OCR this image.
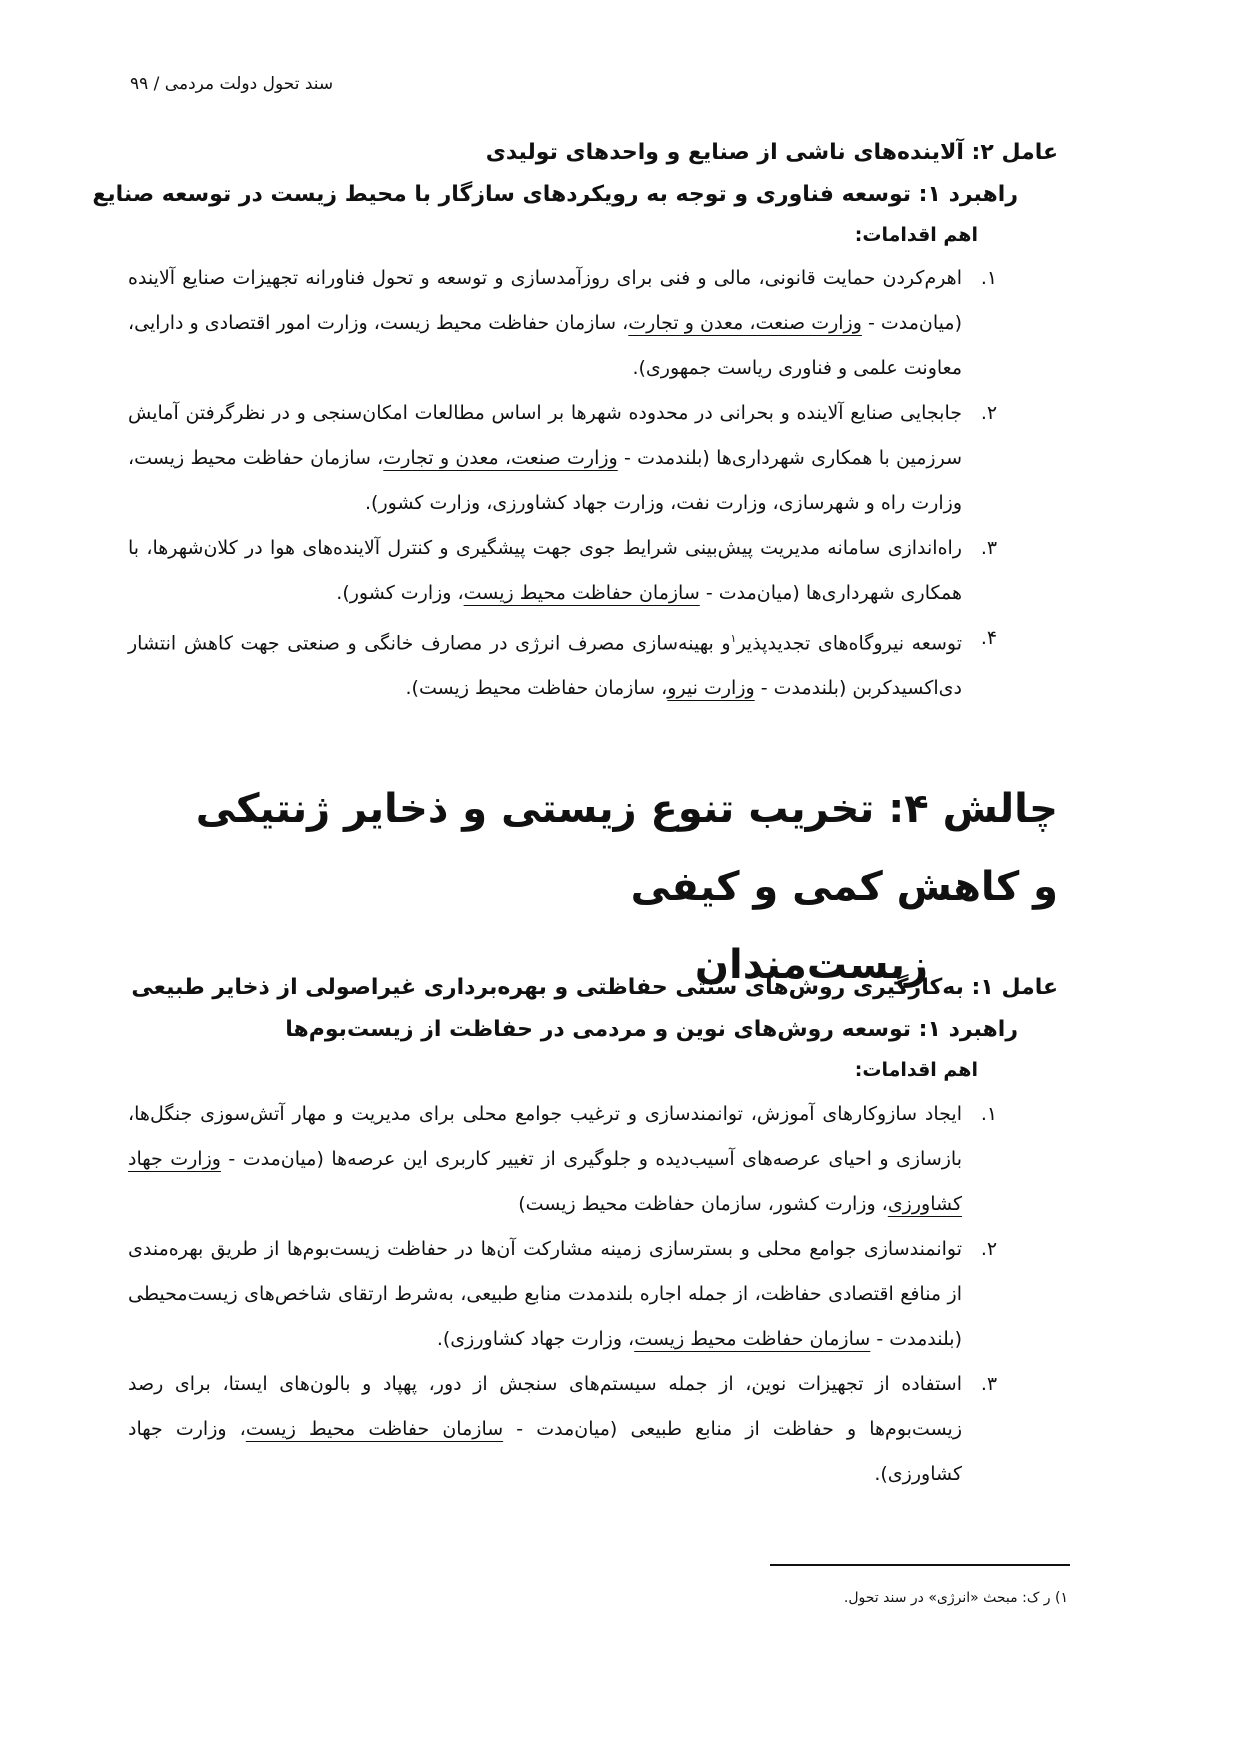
سند تحول دولت مردمی / ۹۹
عامل ۲: آلاینده‌های ناشی از صنایع و واحدهای تولیدی
راهبرد ۱: توسعه فناوری و توجه به رویکردهای سازگار با محیط زیست در توسعه صنایع
اهم اقدامات:
۱.
اهرم‌کردن حمایت قانونی، مالی و فنی برای روزآمدسازی و توسعه و تحول فناورانه تجهیزات صنایع آلاینده (میان‌مدت - وزارت صنعت، معدن و تجارت، سازمان حفاظت محیط زیست، وزارت امور اقتصادی و دارایی، معاونت علمی و فناوری ریاست جمهوری).
۲.
جابجایی صنایع آلاینده و بحرانی در محدوده شهرها بر اساس مطالعات امکان‌سنجی و در نظرگرفتن آمایش سرزمین با همکاری شهرداری‌ها (بلندمدت - وزارت صنعت، معدن و تجارت، سازمان حفاظت محیط زیست، وزارت راه و شهرسازی، وزارت نفت، وزارت جهاد کشاورزی، وزارت کشور).
۳.
راه‌اندازی سامانه مدیریت پیش‌بینی شرایط جوی جهت پیشگیری و کنترل آلاینده‌های هوا در کلان‌شهرها، با همکاری شهرداری‌ها (میان‌مدت - سازمان حفاظت محیط زیست، وزارت کشور).
۴.
توسعه نیروگاه‌های تجدیدپذیر$^۱$و بهینه‌سازی مصرف انرژی در مصارف خانگی و صنعتی جهت کاهش انتشار دی‌اکسیدکربن (بلندمدت - وزارت نیرو، سازمان حفاظت محیط زیست).
چالش ۴: تخریب تنوع زیستی و ذخایر ژنتیکی و کاهش کمی و کیفی
زیست‌مندان
عامل ۱: به‌کارگیری روش‌های سنتی حفاظتی و بهره‌برداری غیراصولی از ذخایر طبیعی
راهبرد ۱: توسعه روش‌های نوین و مردمی در حفاظت از زیست‌بوم‌ها
اهم اقدامات:
۱.
ایجاد سازوکارهای آموزش، توانمندسازی و ترغیب جوامع محلی برای مدیریت و مهار آتش‌سوزی جنگل‌ها، بازسازی و احیای عرصه‌های آسیب‌دیده و جلوگیری از تغییر کاربری این عرصه‌ها (میان‌مدت - وزارت جهاد کشاورزی، وزارت کشور، سازمان حفاظت محیط زیست)
۲.
توانمندسازی جوامع محلی و بسترسازی زمینه مشارکت آن‌ها در حفاظت زیست‌بوم‌ها از طریق بهره‌مندی از منافع اقتصادی حفاظت، از جمله اجاره بلندمدت منابع طبیعی، به‌شرط ارتقای شاخص‌های زیست‌محیطی (بلندمدت - سازمان حفاظت محیط زیست، وزارت جهاد کشاورزی).
۳.
استفاده از تجهیزات نوین، از جمله سیستم‌های سنجش از دور، پهپاد و بالون‌های ایستا، برای رصد زیست‌بوم‌ها و حفاظت از منابع طبیعی (میان‌مدت - سازمان حفاظت محیط زیست، وزارت جهاد کشاورزی).
۱) ر ک: مبحث «انرژی» در سند تحول.
